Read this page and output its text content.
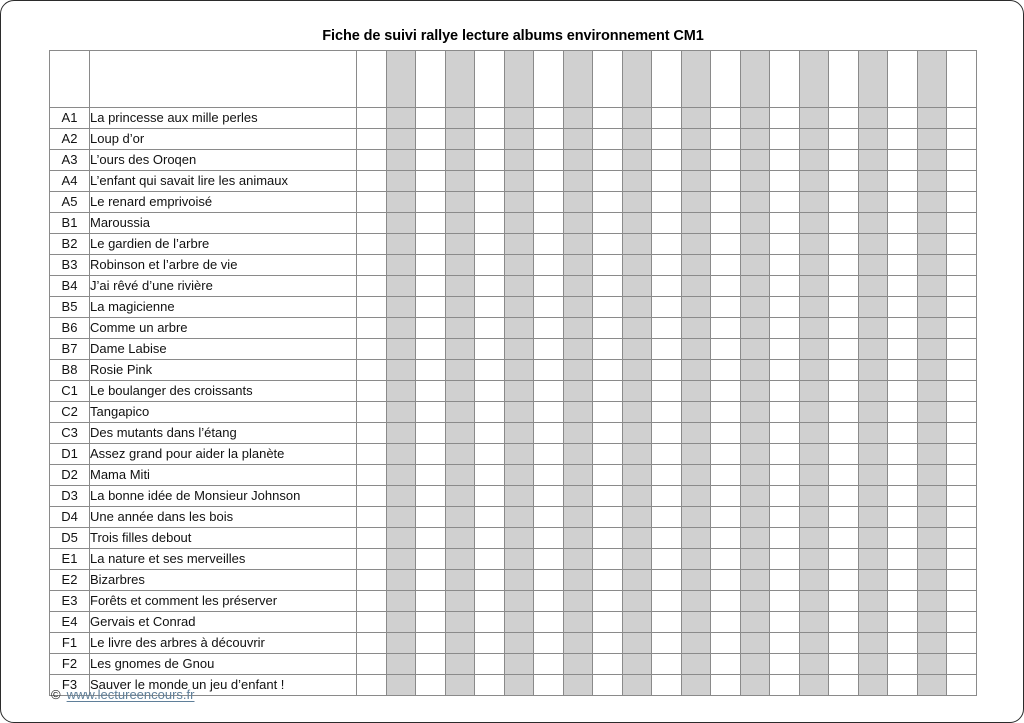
Fiche de suivi rallye lecture albums environnement CM1

A1	La princesse aux mille perles																					
A2	Loup d’or																					
A3	L’ours des Oroqen																					
A4	L’enfant qui savait lire les animaux																					
A5	Le renard emprivoisé																					
B1	Maroussia																					
B2	Le gardien de l’arbre																					
B3	Robinson et l’arbre de vie																					
B4	J’ai rêvé d’une rivière																					
B5	La magicienne																					
B6	Comme un arbre																					
B7	Dame Labise																					
B8	Rosie Pink																					
C1	Le boulanger des croissants																					
C2	Tangapico																					
C3	Des mutants dans l’étang																					
D1	Assez grand pour aider la planète																					
D2	Mama Miti																					
D3	La bonne idée de Monsieur Johnson																					
D4	Une année dans les bois																					
D5	Trois filles debout																					
E1	La nature et ses merveilles																					
E2	Bizarbres																					
E3	Forêts et comment les préserver																					
E4	Gervais et Conrad																					
F1	Le livre des arbres à découvrir																					
F2	Les gnomes de Gnou																					
F3	Sauver le monde un jeu d’enfant !																					
© www.lectureencours.fr
